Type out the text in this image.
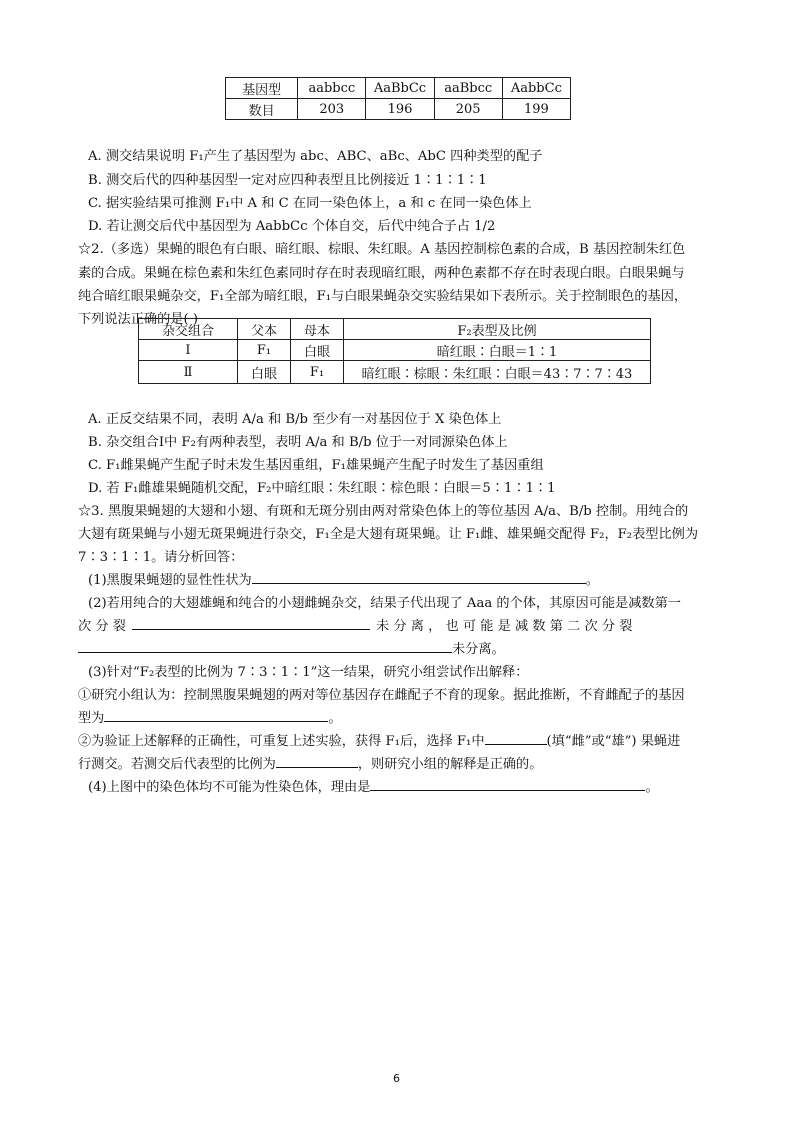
基因型	aabbcc	AaBbCc	aaBbcc	AabbCc
数目	203	196	205	199
A. 测交结果说明 F₁产生了基因型为 abc、ABC、aBc、AbC 四种类型的配子
B. 测交后代的四种基因型一定对应四种表型且比例接近 1∶1∶1∶1
C. 据实验结果可推测 F₁中 A 和 C 在同一染色体上，a 和 c 在同一染色体上
D. 若让测交后代中基因型为 AabbCc 个体自交，后代中纯合子占 1/2
☆2.（多选）果蝇的眼色有白眼、暗红眼、棕眼、朱红眼。A 基因控制棕色素的合成，B 基因控制朱红色
素的合成。果蝇在棕色素和朱红色素同时存在时表现暗红眼，两种色素都不存在时表现白眼。白眼果蝇与
纯合暗红眼果蝇杂交，F₁全部为暗红眼，F₁与白眼果蝇杂交实验结果如下表所示。关于控制眼色的基因，
下列说法正确的是( )
杂交组合	父本	母本	F₂表型及比例
Ⅰ	F₁	白眼	暗红眼∶白眼＝1∶1
Ⅱ	白眼	F₁	暗红眼∶棕眼∶朱红眼∶白眼＝43∶7∶7∶43
A. 正反交结果不同，表明 A/a 和 B/b 至少有一对基因位于 X 染色体上
B. 杂交组合Ⅰ中 F₂有两种表型，表明 A/a 和 B/b 位于一对同源染色体上
C. F₁雌果蝇产生配子时未发生基因重组，F₁雄果蝇产生配子时发生了基因重组
D. 若 F₁雌雄果蝇随机交配，F₂中暗红眼∶朱红眼∶棕色眼∶白眼＝5∶1∶1∶1
☆3. 黑腹果蝇翅的大翅和小翅、有斑和无斑分别由两对常染色体上的等位基因 A/a、B/b 控制。用纯合的
大翅有斑果蝇与小翅无斑果蝇进行杂交，F₁全是大翅有斑果蝇。让 F₁雌、雄果蝇交配得 F₂，F₂表型比例为
7∶3∶1∶1。请分析回答：
(1)黑腹果蝇翅的显性性状为	。
(2)若用纯合的大翅雄蝇和纯合的小翅雌蝇杂交，结果子代出现了 Aaa 的个体，其原因可能是减数第一
次 分 裂	未 分 离 ， 也 可 能 是 减 数 第 二 次 分 裂
未分离。
(3)针对“F₂表型的比例为 7∶3∶1∶1”这一结果，研究小组尝试作出解释：
①研究小组认为：控制黑腹果蝇翅的两对等位基因存在雌配子不育的现象。据此推断，不育雌配子的基因
型为	。
②为验证上述解释的正确性，可重复上述实验，获得 F₁后，选择 F₁中	(填“雌”或“雄”) 果蝇进
行测交。若测交后代表型的比例为	，则研究小组的解释是正确的。
(4)上图中的染色体均不可能为性染色体，理由是	。
6
